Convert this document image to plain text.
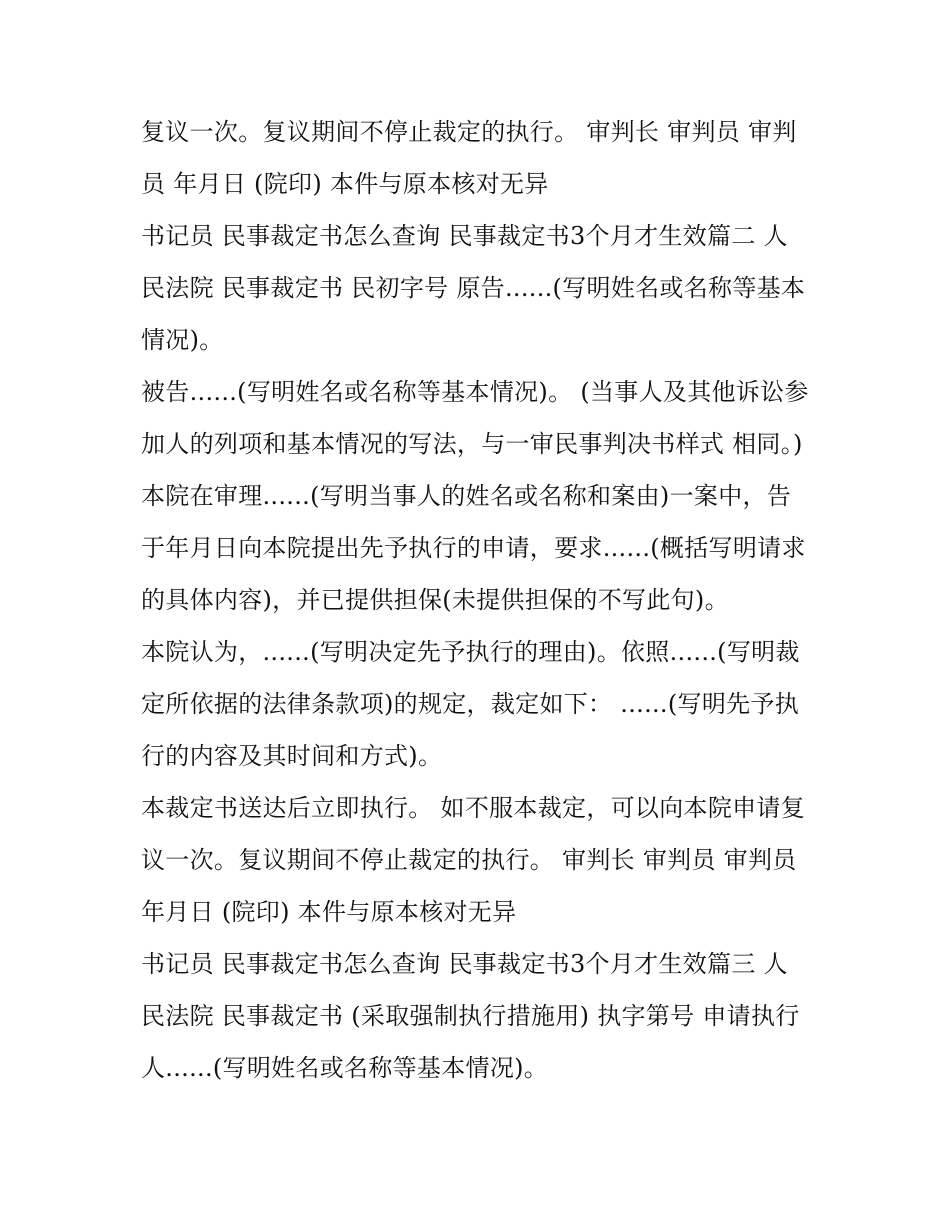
复议一次。复议期间不停止裁定的执行。 审判长 审判员 审判员 年月日 (院印) 本件与原本核对无异

书记员 民事裁定书怎么查询 民事裁定书3个月才生效篇二 人民法院 民事裁定书 民初字号 原告......(写明姓名或名称等基本情况)。

被告......(写明姓名或名称等基本情况)。 (当事人及其他诉讼参加人的列项和基本情况的写法，与一审民事判决书样式 相同。)

本院在审理......(写明当事人的姓名或名称和案由)一案中，告于年月日向本院提出先予执行的申请，要求......(概括写明请求的具体内容)，并已提供担保(未提供担保的不写此句)。

本院认为，......(写明决定先予执行的理由)。依照......(写明裁定所依据的法律条款项)的规定，裁定如下： ......(写明先予执行的内容及其时间和方式)。

本裁定书送达后立即执行。 如不服本裁定，可以向本院申请复议一次。复议期间不停止裁定的执行。 审判长 审判员 审判员 年月日 (院印) 本件与原本核对无异

书记员 民事裁定书怎么查询 民事裁定书3个月才生效篇三 人民法院 民事裁定书 (采取强制执行措施用) 执字第号 申请执行人......(写明姓名或名称等基本情况)。
